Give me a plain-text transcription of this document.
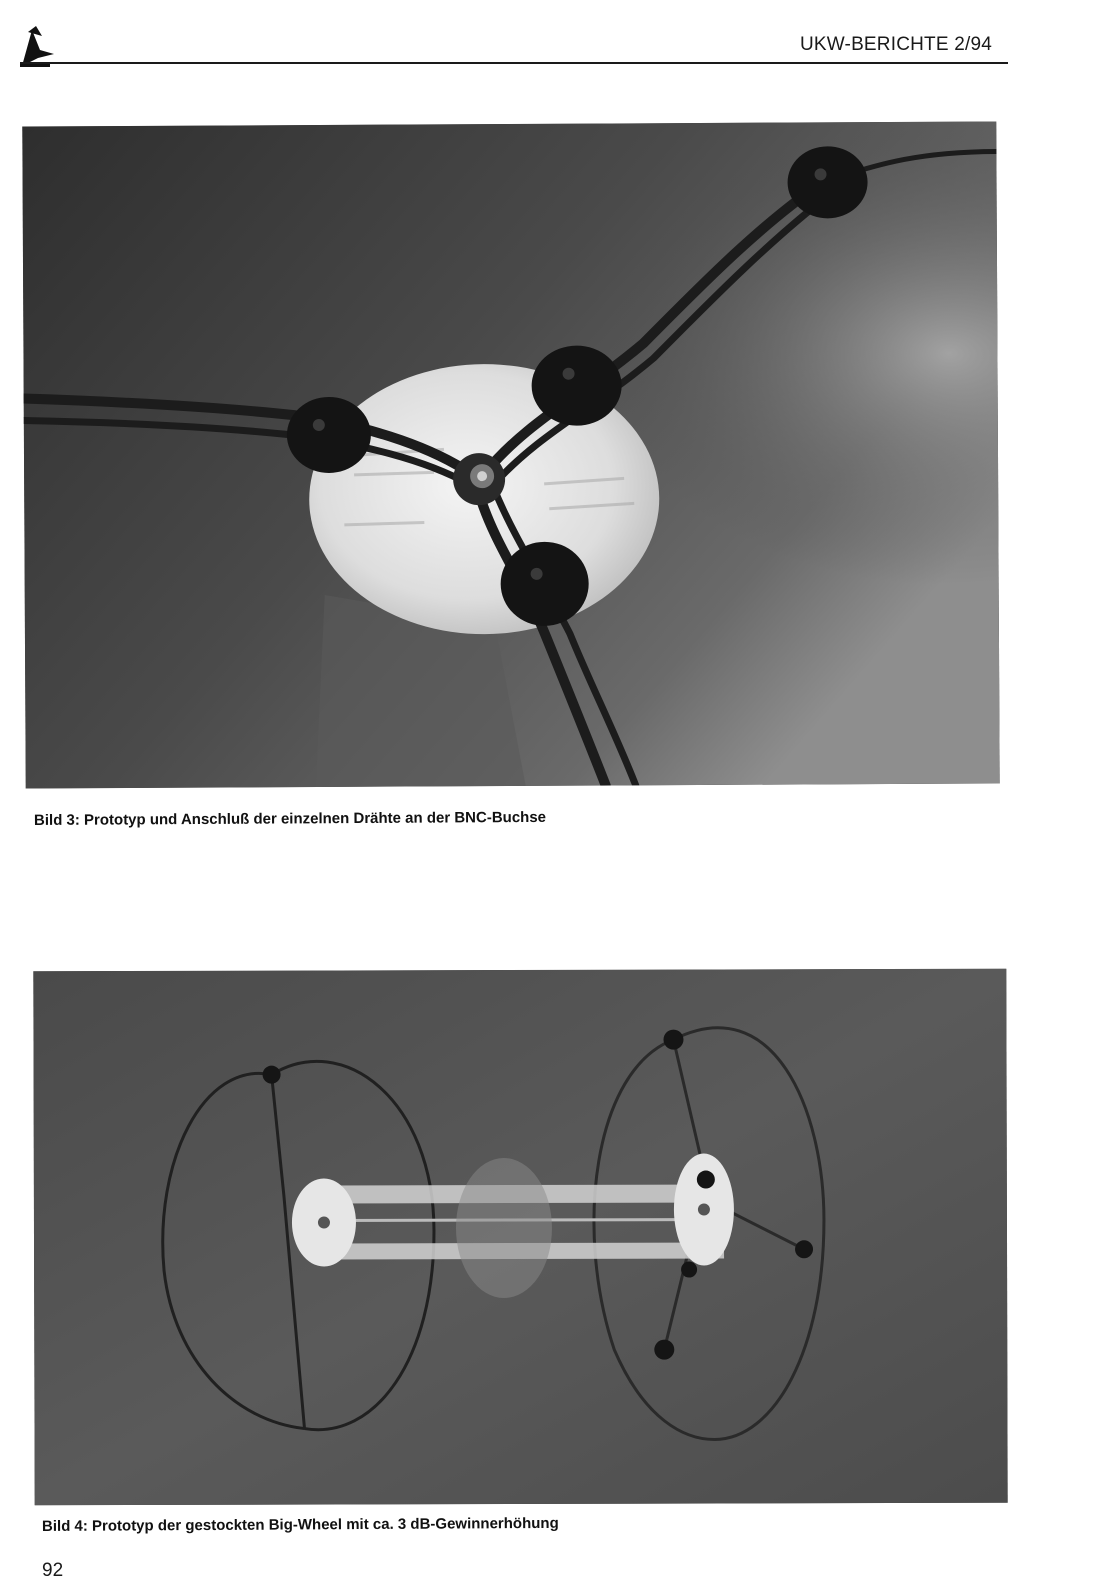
UKW-BERICHTE 2/94
Bild 3: Prototyp und Anschluß der einzelnen Drähte an der BNC-Buchse
Bild 4: Prototyp der gestockten Big-Wheel mit ca. 3 dB-Gewinnerhöhung
92
